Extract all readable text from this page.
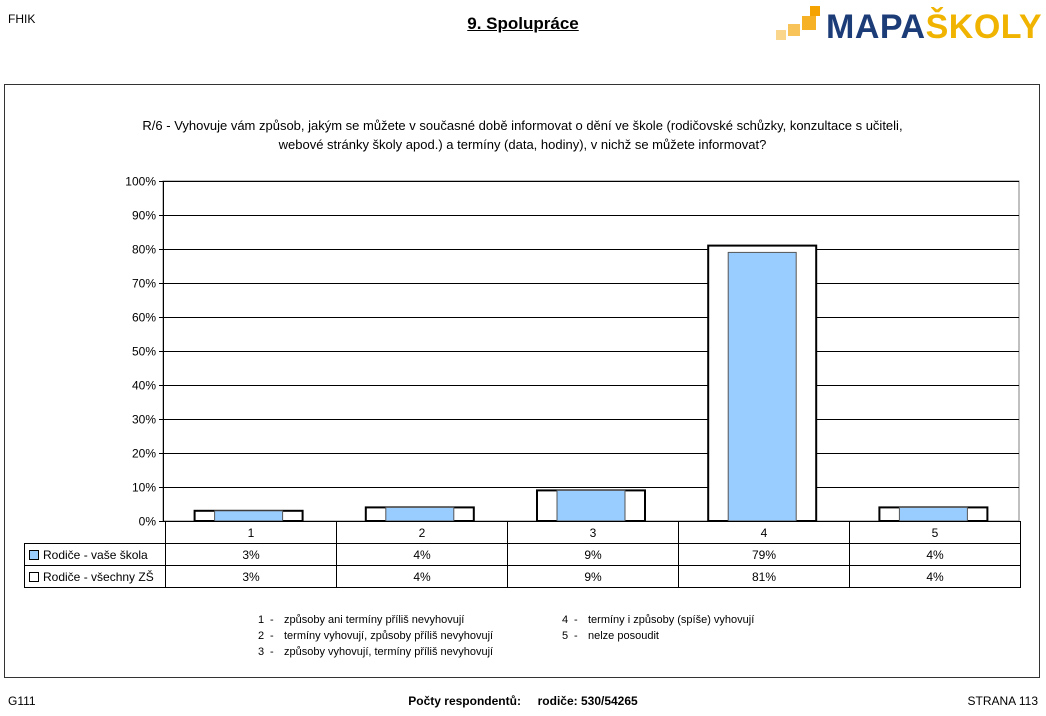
FHIK	9. Spolupráce	MAPAŠKOLY
R/6 - Vyhovuje vám způsob, jakým se můžete v současné době informovat o dění ve škole (rodičovské schůzky, konzultace s učiteli,
webové stránky školy apod.) a termíny (data, hodiny), v nichž se můžete informovat?
0%
10%
20%
30%
40%
50%
60%
70%
80%
90%
100%
	1	2	3	4	5
Rodiče - vaše škola	3%	4%	9%	79%	4%
Rodiče - všechny ZŠ	3%	4%	9%	81%	4%
1 - způsoby ani termíny příliš nevyhovují
2 - termíny vyhovují, způsoby příliš nevyhovují
3 - způsoby vyhovují, termíny příliš nevyhovují
4 - termíny i způsoby (spíše) vyhovují
5 - nelze posoudit
G111	Počty respondentů:     rodiče: 530/54265	STRANA 113
